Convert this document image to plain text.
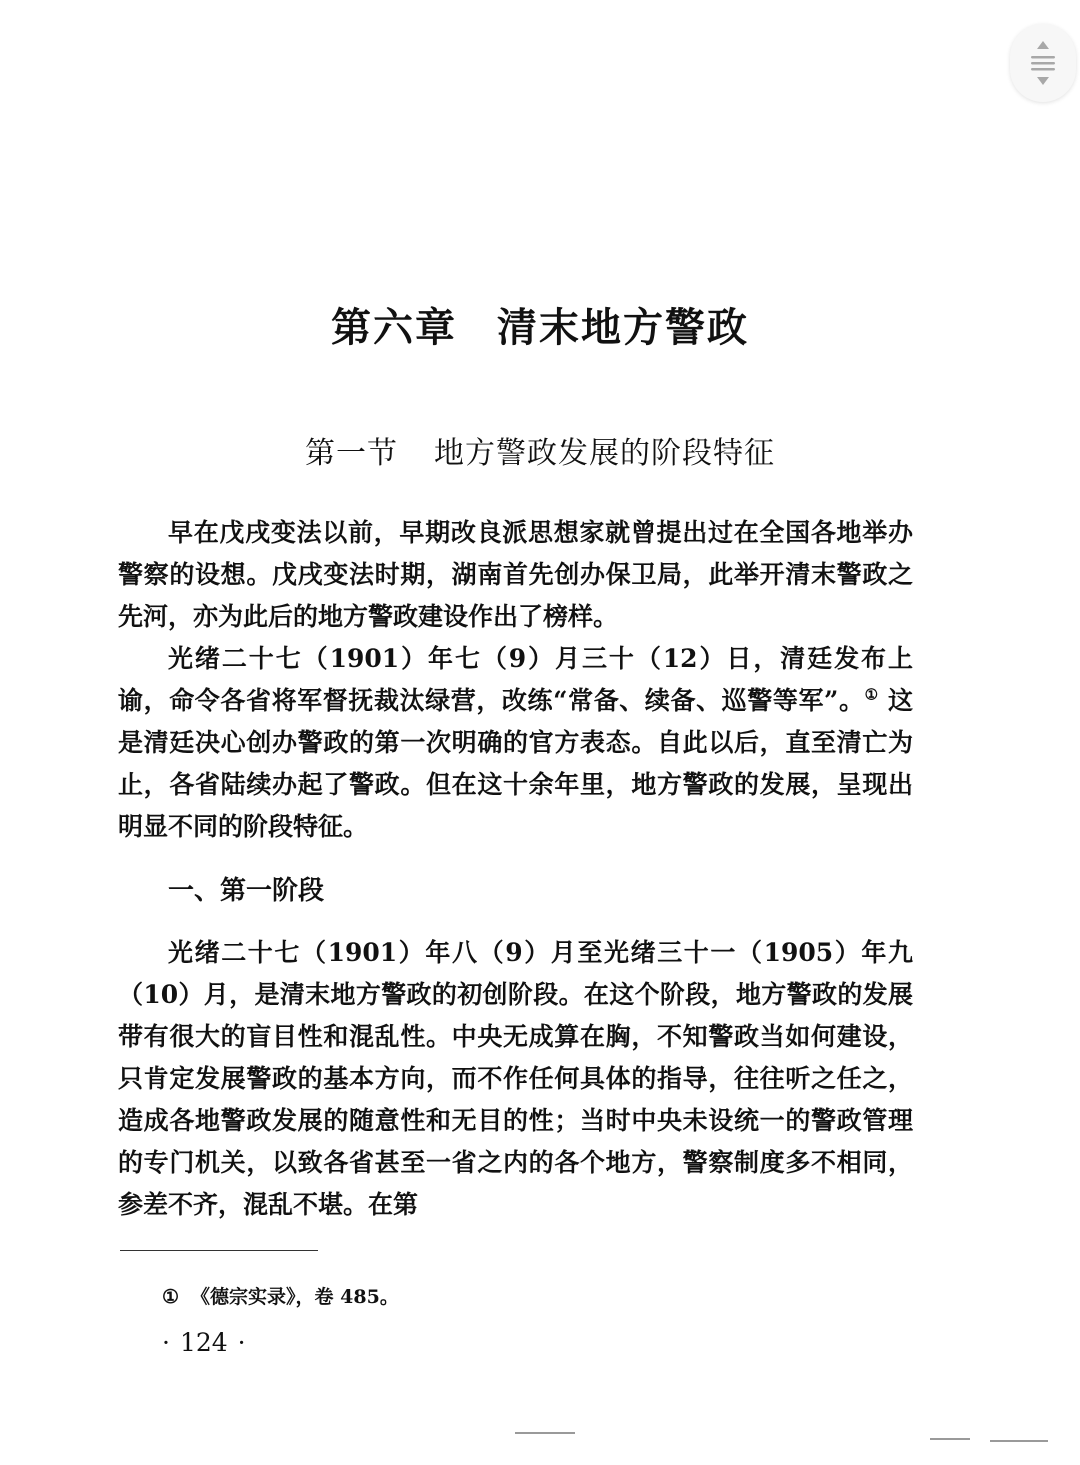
第六章 清末地方警政
第一节 地方警政发展的阶段特征

早在戊戌变法以前，早期改良派思想家就曾提出过在全国各地举办警察的设想。戊戌变法时期，湖南首先创办保卫局，此举开清末警政之先河，亦为此后的地方警政建设作出了榜样。

光绪二十七（1901）年七（9）月三十（12）日，清廷发布上谕，命令各省将军督抚裁汰绿营，改练“常备、续备、巡警等军”。① 这是清廷决心创办警政的第一次明确的官方表态。自此以后，直至清亡为止，各省陆续办起了警政。但在这十余年里，地方警政的发展，呈现出明显不同的阶段特征。

一、第一阶段

光绪二十七（1901）年八（9）月至光绪三十一（1905）年九（10）月，是清末地方警政的初创阶段。在这个阶段，地方警政的发展带有很大的盲目性和混乱性。中央无成算在胸，不知警政当如何建设，只肯定发展警政的基本方向，而不作任何具体的指导，往往听之任之，造成各地警政发展的随意性和无目的性；当时中央未设统一的警政管理的专门机关，以致各省甚至一省之内的各个地方，警察制度多不相同，参差不齐，混乱不堪。在第

① 《德宗实录》，卷 485。
· 124 ·
